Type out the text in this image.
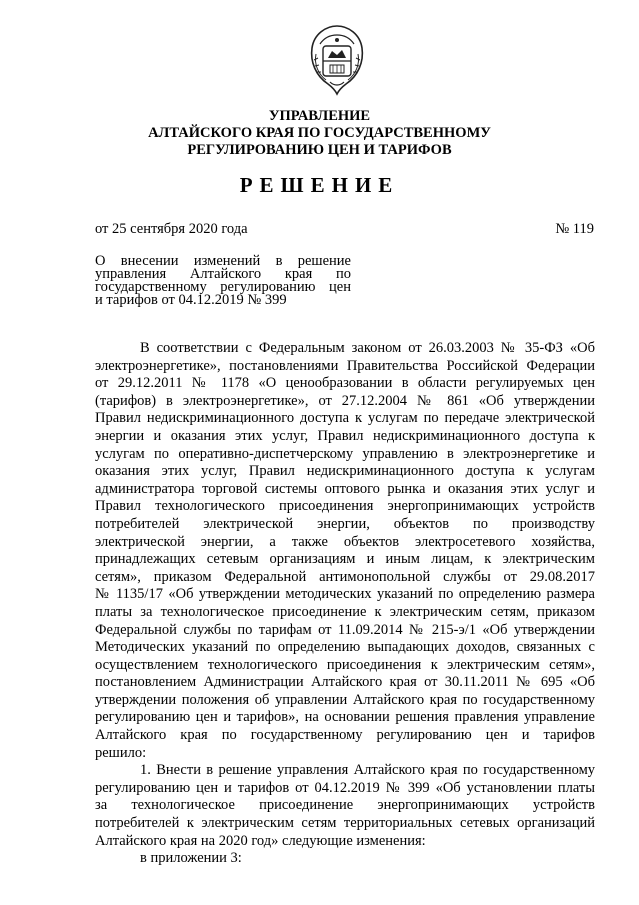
УПРАВЛЕНИЕ
АЛТАЙСКОГО КРАЯ ПО ГОСУДАРСТВЕННОМУ
РЕГУЛИРОВАНИЮ ЦЕН И ТАРИФОВ
РЕШЕНИЕ
от 25 сентября 2020 года	№ 119
О внесении изменений в решение
управления Алтайского края по
государственному регулированию цен
и тарифов от 04.12.2019 № 399
В соответствии с Федеральным законом от 26.03.2003 № 35-ФЗ «Об
электроэнергетике», постановлениями Правительства Российской Федерации
от 29.12.2011 № 1178 «О ценообразовании в области регулируемых цен
(тарифов) в электроэнергетике», от 27.12.2004 № 861 «Об утверждении
Правил недискриминационного доступа к услугам по передаче электрической
энергии и оказания этих услуг, Правил недискриминационного доступа к
услугам по оперативно-диспетчерскому управлению в электроэнергетике и
оказания этих услуг, Правил недискриминационного доступа к услугам
администратора торговой системы оптового рынка и оказания этих услуг и
Правил технологического присоединения энергопринимающих устройств
потребителей электрической энергии, объектов по производству
электрической энергии, а также объектов электросетевого хозяйства,
принадлежащих сетевым организациям и иным лицам, к электрическим
сетям», приказом Федеральной антимонопольной службы от 29.08.2017
№ 1135/17 «Об утверждении методических указаний по определению размера
платы за технологическое присоединение к электрическим сетям, приказом
Федеральной службы по тарифам от 11.09.2014 № 215-э/1 «Об утверждении
Методических указаний по определению выпадающих доходов, связанных с
осуществлением технологического присоединения к электрическим сетям»,
постановлением Администрации Алтайского края от 30.11.2011 № 695 «Об
утверждении положения об управлении Алтайского края по государственному
регулированию цен и тарифов», на основании решения правления управление
Алтайского края по государственному регулированию цен и тарифов
решило:
1. Внести в решение управления Алтайского края по государственному
регулированию цен и тарифов от 04.12.2019 № 399 «Об установлении платы
за технологическое присоединение энергопринимающих устройств
потребителей к электрическим сетям территориальных сетевых организаций
Алтайского края на 2020 год» следующие изменения:
в приложении 3:
